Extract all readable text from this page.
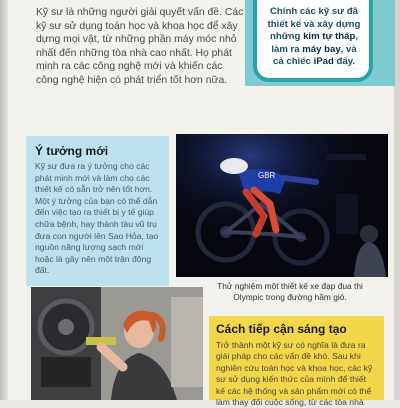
Kỹ sư là những người giải quyết vấn đề. Các kỹ sư sử dụng toán học và khoa học để xây dựng mọi vật, từ những phần máy móc nhỏ nhất đến những tòa nhà cao nhất. Họ phát minh ra các công nghệ mới và khiến các công nghệ hiện có phát triển tốt hơn nữa.

Chính các kỹ sư đã thiết kế và xây dựng những kim tự tháp, làm ra máy bay, và cả chiếc iPad đấy.
Ý tưởng mới

Kỹ sư đưa ra ý tưởng cho các phát minh mới và làm cho các thiết kế có sẵn trở nên tốt hơn. Một ý tưởng của bạn có thể dẫn đến việc tạo ra thiết bị y tế giúp chữa bệnh, hay thành tàu vũ trụ đưa con người lên Sao Hỏa, tạo nguồn năng lượng sạch mới hoặc là gây nên một trận động đất.

GBR

Thử nghiệm một thiết kế xe đạp đua thi Olympic trong đường hầm gió.

Cách tiếp cận sáng tạo

Trở thành một kỹ sư có nghĩa là đưa ra giải pháp cho các vấn đề khó. Sau khi nghiên cứu toán học và khoa học, các kỹ sư sử dụng kiến thức của mình để thiết kế các hệ thống và sản phẩm mới có thể làm thay đổi cuộc sống, từ các tòa nhà
